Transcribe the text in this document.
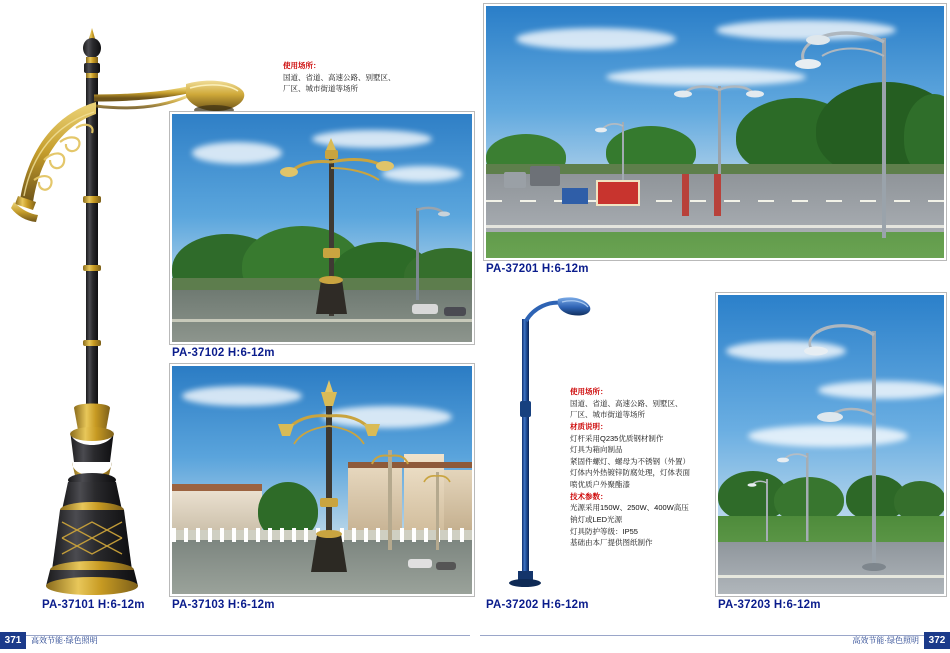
使用场所：
国道、省道、高速公路、别墅区、
厂区、城市街道等场所
PA-37102 H:6-12m
PA-37103 H:6-12m
PA-37101 H:6-12m
371	高效节能·绿色照明
PA-37201 H:6-12m
PA-37202 H:6-12m
使用场所：
国道、省道、高速公路、别墅区、
厂区、城市街道等场所
材质说明：
灯杆采用Q235优质钢材制作
灯具为箱向制品
紧固件螺灯、螺母为不锈钢（外置）
灯体内外热镀锌防腐处理，灯体表面
喷优质户外聚酯漆
技术参数：
光源采用150W、250W、400W高压
钠灯或LED光源
灯具防护等级：IP55
基础由本厂提供图纸制作
PA-37203 H:6-12m
高效节能·绿色照明 372
